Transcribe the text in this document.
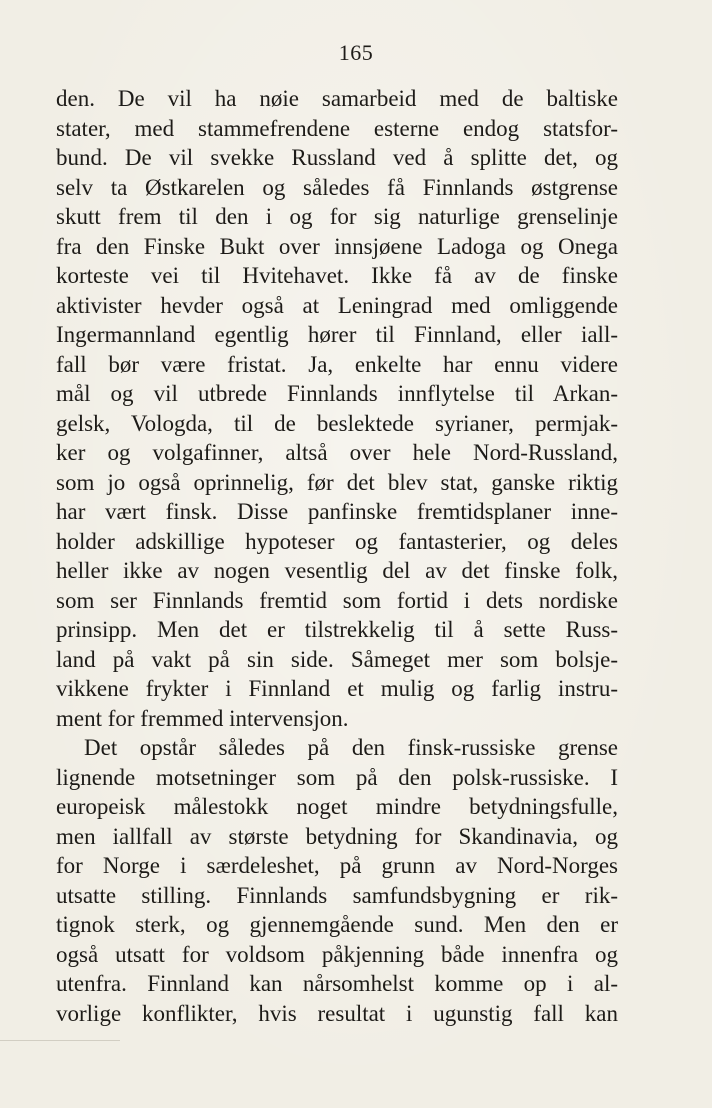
165
den. De vil ha nøie samarbeid med de baltiske
stater, med stammefrendene esterne endog statsfor-
bund. De vil svekke Russland ved å splitte det, og
selv ta Østkarelen og således få Finnlands østgrense
skutt frem til den i og for sig naturlige grenselinje
fra den Finske Bukt over innsjøene Ladoga og Onega
korteste vei til Hvitehavet. Ikke få av de finske
aktivister hevder også at Leningrad med omliggende
Ingermannland egentlig hører til Finnland, eller iall-
fall bør være fristat. Ja, enkelte har ennu videre
mål og vil utbrede Finnlands innflytelse til Arkan-
gelsk, Vologda, til de beslektede syrianer, permjak-
ker og volgafinner, altså over hele Nord-Russland,
som jo også oprinnelig, før det blev stat, ganske riktig
har vært finsk. Disse panfinske fremtidsplaner inne-
holder adskillige hypoteser og fantasterier, og deles
heller ikke av nogen vesentlig del av det finske folk,
som ser Finnlands fremtid som fortid i dets nordiske
prinsipp. Men det er tilstrekkelig til å sette Russ-
land på vakt på sin side. Såmeget mer som bolsje-
vikkene frykter i Finnland et mulig og farlig instru-
ment for fremmed intervensjon.
Det opstår således på den finsk-russiske grense
lignende motsetninger som på den polsk-russiske. I
europeisk målestokk noget mindre betydningsfulle,
men iallfall av største betydning for Skandinavia, og
for Norge i særdeleshet, på grunn av Nord-Norges
utsatte stilling. Finnlands samfundsbygning er rik-
tignok sterk, og gjennemgående sund. Men den er
også utsatt for voldsom påkjenning både innenfra og
utenfra. Finnland kan nårsomhelst komme op i al-
vorlige konflikter, hvis resultat i ugunstig fall kan
